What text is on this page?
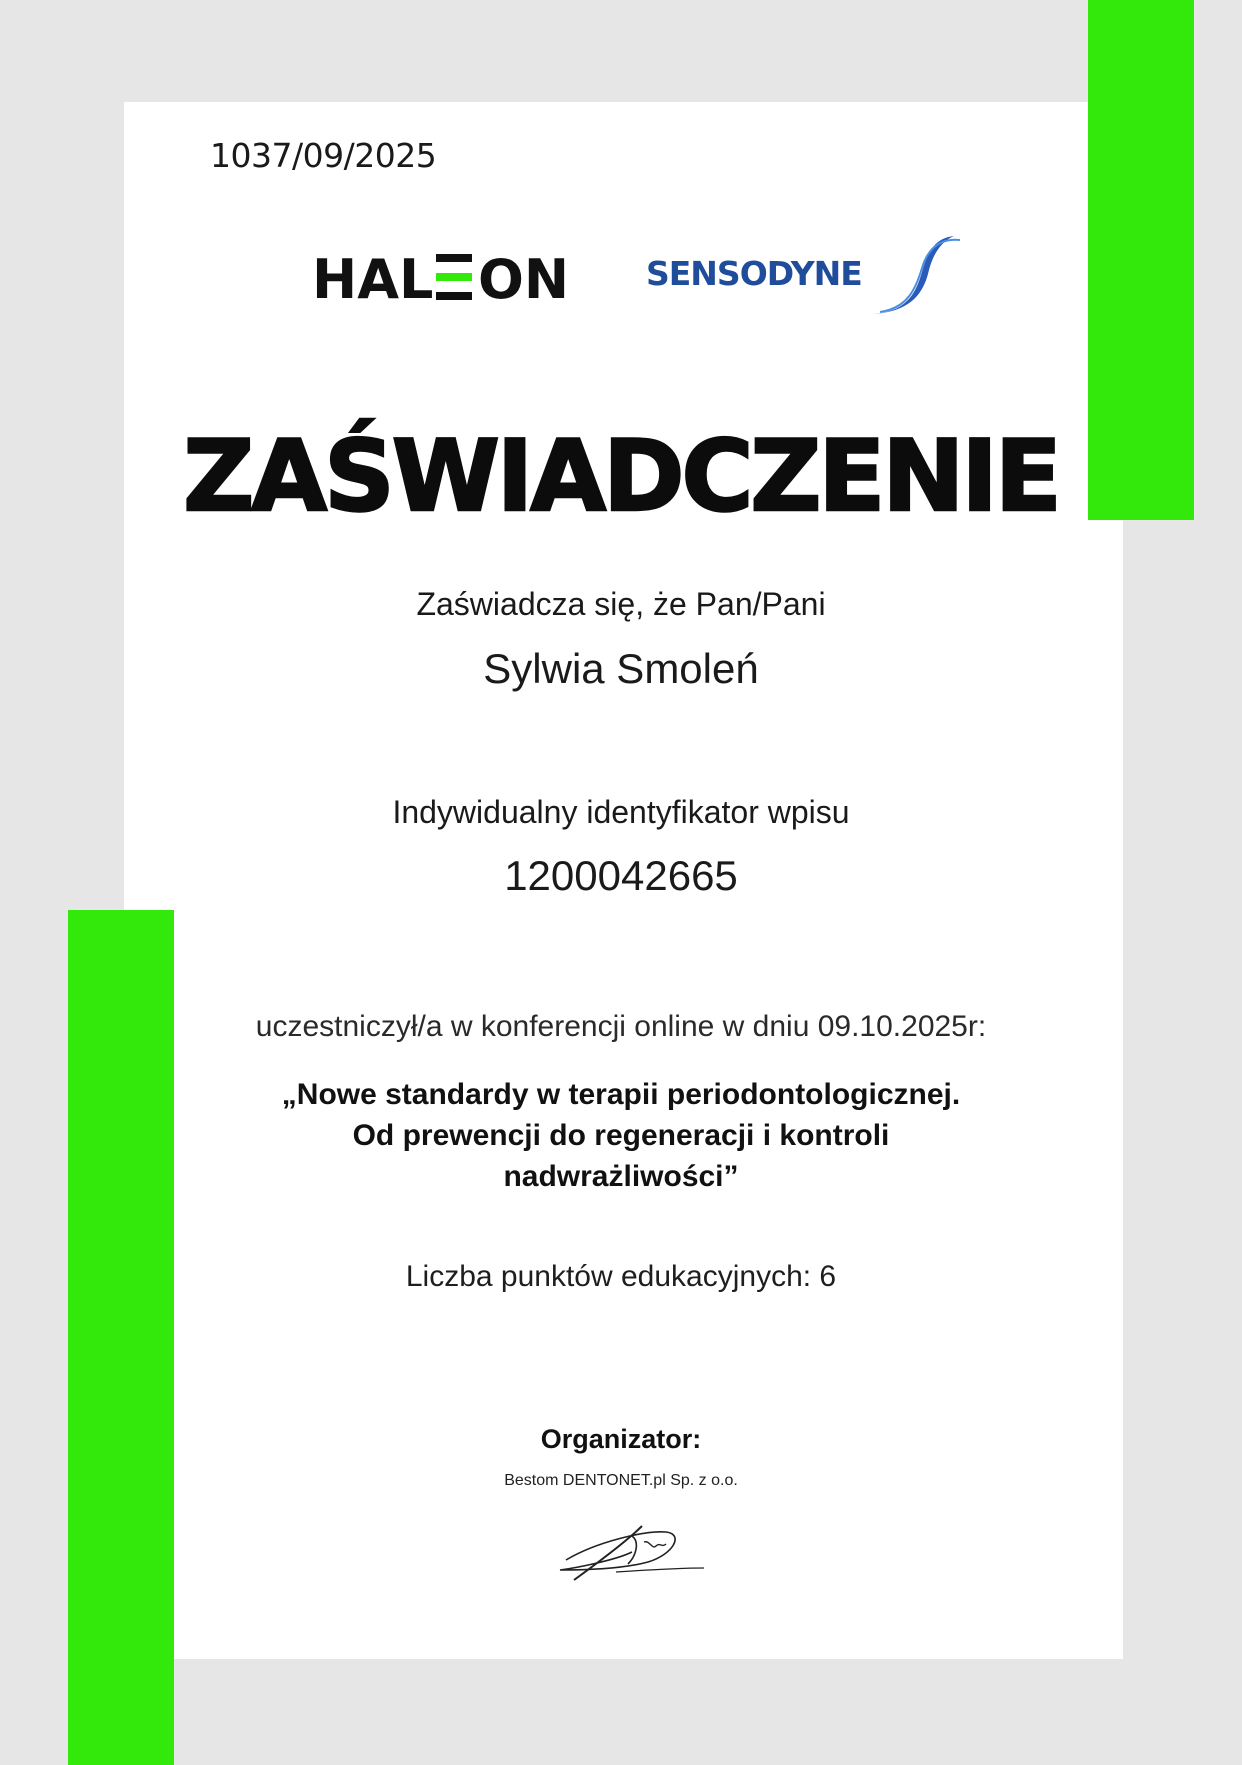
1037/09/2025
HAL ON SENSODYNE
ZAŚWIADCZENIE
Zaświadcza się, że Pan/Pani
Sylwia Smoleń
Indywidualny identyfikator wpisu
1200042665
uczestniczył/a w konferencji online w dniu 09.10.2025r:
„Nowe standardy w terapii periodontologicznej.
Od prewencji do regeneracji i kontroli
nadwrażliwości”
Liczba punktów edukacyjnych: 6
Organizator:
Bestom DENTONET.pl Sp. z o.o.
